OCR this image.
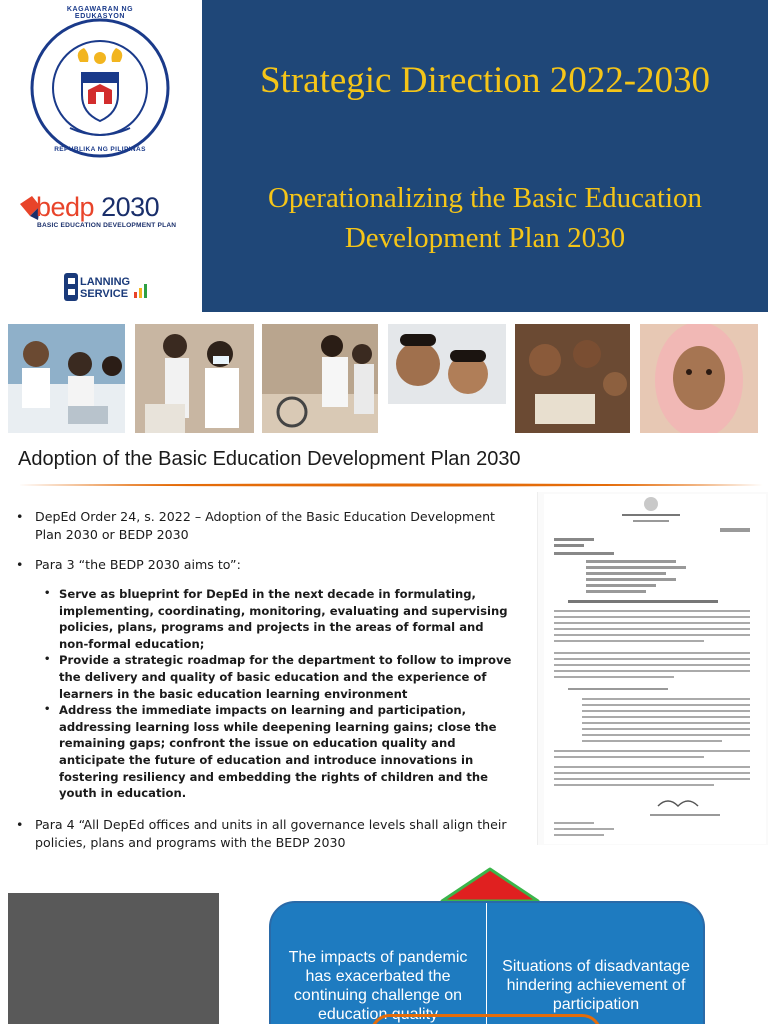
KAGAWARAN NG EDUKASYON
REPUBLIKA NG PILIPINAS
bedp 2030
BASIC EDUCATION DEVELOPMENT PLAN
LANNING
SERVICE
Strategic Direction 2022-2030
Operationalizing the Basic Education Development Plan 2030
Adoption of the Basic Education Development Plan 2030
• DepEd Order 24, s. 2022 – Adoption of the Basic Education Development Plan 2030 or BEDP 2030
• Para 3 “the BEDP 2030 aims to”:
• Serve as blueprint for DepEd in the next decade in formulating, implementing, coordinating, monitoring, evaluating and supervising policies, plans, programs and projects in the areas of formal and non-formal education;
• Provide a strategic roadmap for the department to follow to improve the delivery and quality of basic education and the experience of learners in the basic education learning environment
• Address the immediate impacts on learning and participation, addressing learning loss while deepening learning gains; close the remaining gaps; confront the issue on education quality and anticipate the future of education and introduce innovations in fostering resiliency and embedding the rights of children and the youth in education.
• Para 4 “All DepEd offices and units in all governance levels shall align their policies, plans and programs with the BEDP 2030
The impacts of pandemic has exacerbated the continuing challenge on education quality
Situations of disadvantage hindering achievement of participation
